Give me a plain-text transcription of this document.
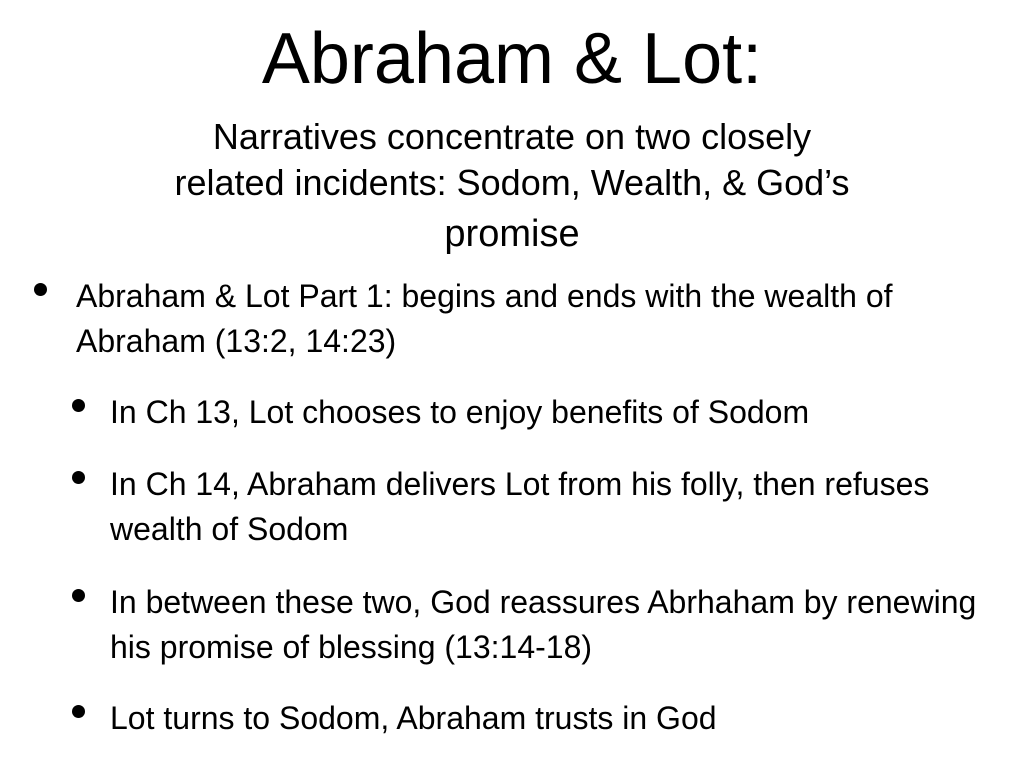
Abraham & Lot:
Narratives concentrate on two closely
related incidents: Sodom, Wealth, & God’s
promise
Abraham & Lot Part 1: begins and ends with the wealth of Abraham (13:2, 14:23)
In Ch 13, Lot chooses to enjoy benefits of Sodom
In Ch 14, Abraham delivers Lot from his folly, then refuses wealth of Sodom
In between these two, God reassures Abrhaham by renewing his promise of blessing (13:14-18)
Lot turns to Sodom, Abraham trusts in God
